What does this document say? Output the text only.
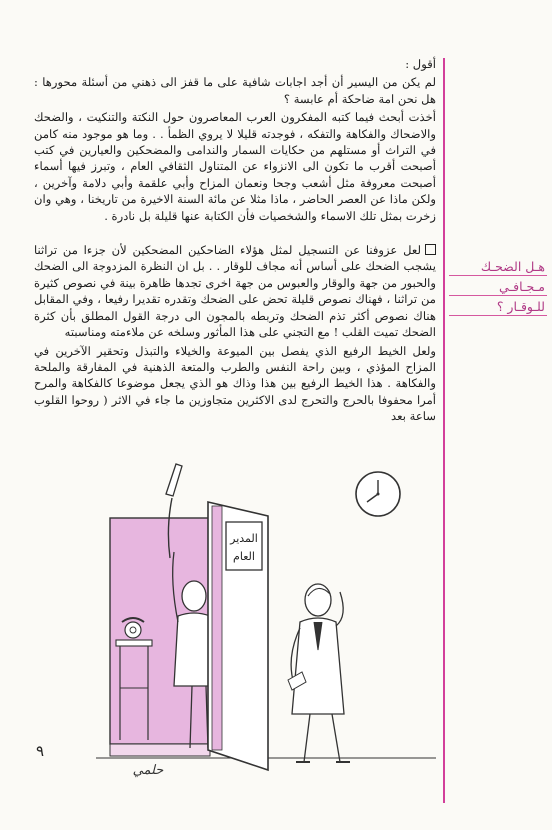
أقول :

لم يكن من اليسير أن أجد اجابات شافية على ما قفز الى ذهني من أسئلة محورها : هل نحن امة ضاحكة أم عابسة ؟

أخذت أبحث فيما كتبه المفكرون العرب المعاصرون حول النكتة والتنكيت ، والضحك والاضحاك والفكاهة والتفكه ، فوجدته قليلا لا يروي الظمأ . . وما هو موجود منه كامن في التراث أو مستلهم من حكايات السمار والندامى والمضحكين والعيارين في كتب أصبحت أقرب ما تكون الى الانزواء عن المتناول الثقافي العام ، وتبرز فيها أسماء أصبحت معروفة مثل أشعب وجحا ونعمان المزاح وأبي علقمة وأبي دلامة وآخرين ، ولكن ماذا عن العصر الحاضر ، ماذا مثلا عن مائة السنة الاخيرة من تاريخنا ، وهي وان زخرت بمثل تلك الاسماء والشخصيات فأن الكتابة عنها قليلة بل نادرة .

لعل عزوفنا عن التسجيل لمثل هؤلاء الضاحكين المضحكين لأن جزءا من تراثنا يشجب الضحك على أساس أنه مجاف للوقار . . بل ان النظرة المزدوجة الى الضحك والحبور من جهة والوقار والعبوس من جهة اخرى تجدها ظاهرة بينة في نصوص كثيرة من تراثنا ، فهناك نصوص قليلة تحض على الضحك وتقدره تقديرا رفيعا ، وفي المقابل هناك نصوص أكثر تذم الضحك وتربطه بالمجون الى درجة القول المطلق بأن كثرة الضحك تميت القلب ! مع التجني على هذا المأثور وسلخه عن ملاءمته ومناسبته

ولعل الخيط الرفيع الذي يفصل بين الميوعة والخيلاء والتبذل وتحقير الآخرين في المزاح المؤذي ، وبين راحة النفس والطرب والمتعة الذهنية في المفارقة والملحة والفكاهة . هذا الخيط الرفيع بين هذا وذاك هو الذي يجعل موضوعا كالفكاهة والمرح أمرا محفوفا بالحرج والتحرج لدى الاكثرين متجاوزين ما جاء في الاثر ( روحوا القلوب ساعة بعد

هـل الضحـك
مـجـافـي
للـوقـار ؟
المدير
العام
حلمي
٩
